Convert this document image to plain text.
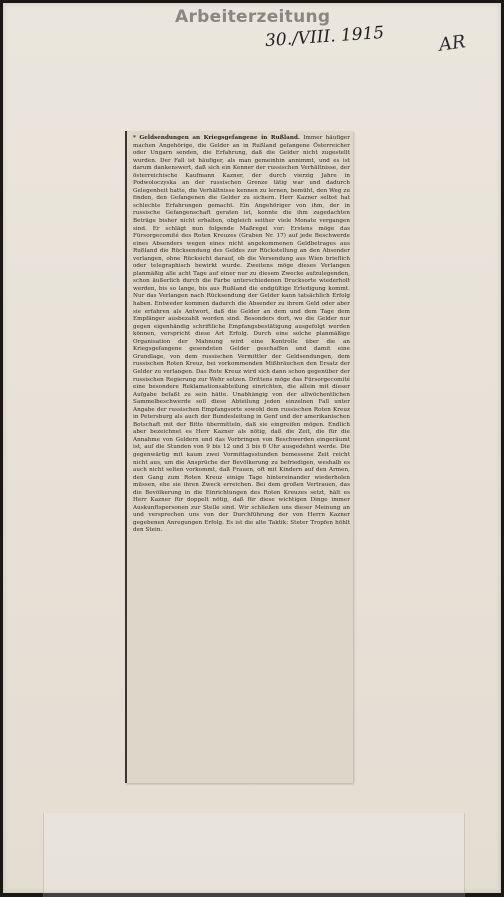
Arbeiterzeitung
30./VIII. 1915	AR
* Geldsendungen an Kriegsgefangene in Rußland. Immer häufiger machen Angehörige, die Gelder an in Rußland gefangene Österreicher oder Ungarn senden, die Erfahrung, daß die Gelder nicht zugestellt wurden. Der Fall ist häufiger, als man gemeinhin annimmt, und es ist darum dankenswert, daß sich ein Kenner der russischen Verhältnisse, der österreichische Kaufmann Kazner, der durch vierzig Jahre in Podwoloczyska an der russischen Grenze tätig war und dadurch Gelegenheit hatte, die Verhältnisse kennen zu lernen, bemüht, den Weg zu finden, den Gefangenen die Gelder zu sichern. Herr Kazner selbst hat schlechte Erfahrungen gemacht. Ein Angehöriger von ihm, der in russische Gefangenschaft geraten ist, konnte die ihm zugedachten Beträge bisher nicht erhalten, obgleich seither viele Monate vergangen sind. Er schlägt nun folgende Maßregel vor: Erstens möge das Fürsorgecomité des Roten Kreuzes (Graben Nr. 17) auf jede Beschwerde eines Absenders wegen eines nicht angekommenen Geldbetrages aus Rußland die Rücksendung des Geldes zur Rückstellung an den Absender verlangen, ohne Rücksicht darauf, ob die Versendung aus Wien brieflich oder telegraphisch bewirkt wurde. Zweitens möge dieses Verlangen planmäßig alle acht Tage auf einer nur zu diesem Zwecke aufzulegenden, schon äußerlich durch die Farbe unterschiedenen Drucksorte wiederholt werden, bis so lange, bis aus Rußland die endgültige Erledigung kommt. Nur das Verlangen nach Rücksendung der Gelder kann tatsächlich Erfolg haben. Entweder kommen dadurch die Absender zu ihrem Geld oder aber sie erfahren als Antwort, daß die Gelder an dem und dem Tage dem Empfänger ausbezahlt worden sind. Besonders dort, wo die Gelder nur gegen eigenhändig schriftliche Empfangsbestätigung ausgefolgt werden können, verspricht diese Art Erfolg. Durch eine solche planmäßige Organisation der Mahnung wird eine Kontrolle über die an Kriegsgefangene gesendeten Gelder geschaffen und damit eine Grundlage, von dem russischen Vermittler der Geldsendungen, dem russischen Roten Kreuz, bei vorkommenden Mißbräuchen den Ersatz der Gelder zu verlangen. Das Rote Kreuz wird sich dann schon gegenüber der russischen Regierung zur Wehr setzen. Drittens möge das Fürsorgecomité eine besondere Reklamationsabteilung einrichten, die allein mit dieser Aufgabe befaßt zu sein hätte. Unabhängig von der allwöchentlichen Sammelbeschwerde soll diese Abteilung jeden einzelnen Fall unter Angabe der russischen Empfangsorte sowohl dem russischen Roten Kreuz in Petersburg als auch der Bundesleitung in Genf und der amerikanischen Botschaft mit der Bitte übermitteln, daß sie eingreifen mögen. Endlich aber bezeichnet es Herr Kazner als nötig, daß die Zeit, die für die Annahme von Geldern und das Vorbringen von Beschwerden eingeräumt ist, auf die Stunden von 9 bis 12 und 3 bis 6 Uhr ausgedehnt werde. Die gegenwärtig mit kaum zwei Vormittagsstunden bemessene Zeit reicht nicht aus, um die Ansprüche der Bevölkerung zu befriedigen, weshalb es auch nicht selten vorkommt, daß Frauen, oft mit Kindern auf den Armen, den Gang zum Roten Kreuz einige Tage hintereinander wiederholen müssen, ehe sie ihren Zweck erreichen. Bei dem großen Vertrauen, das die Bevölkerung in die Einrichtungen des Roten Kreuzes setzt, hält es Herr Kazner für doppelt nötig, daß für diese wichtigen Dinge immer Auskunftspersonen zur Stelle sind. Wir schließen uns dieser Meinung an und versprechen uns von der Durchführung der von Herrn Kazner gegebenen Anregungen Erfolg. Es ist die alte Taktik: Steter Tropfen höhlt den Stein.
